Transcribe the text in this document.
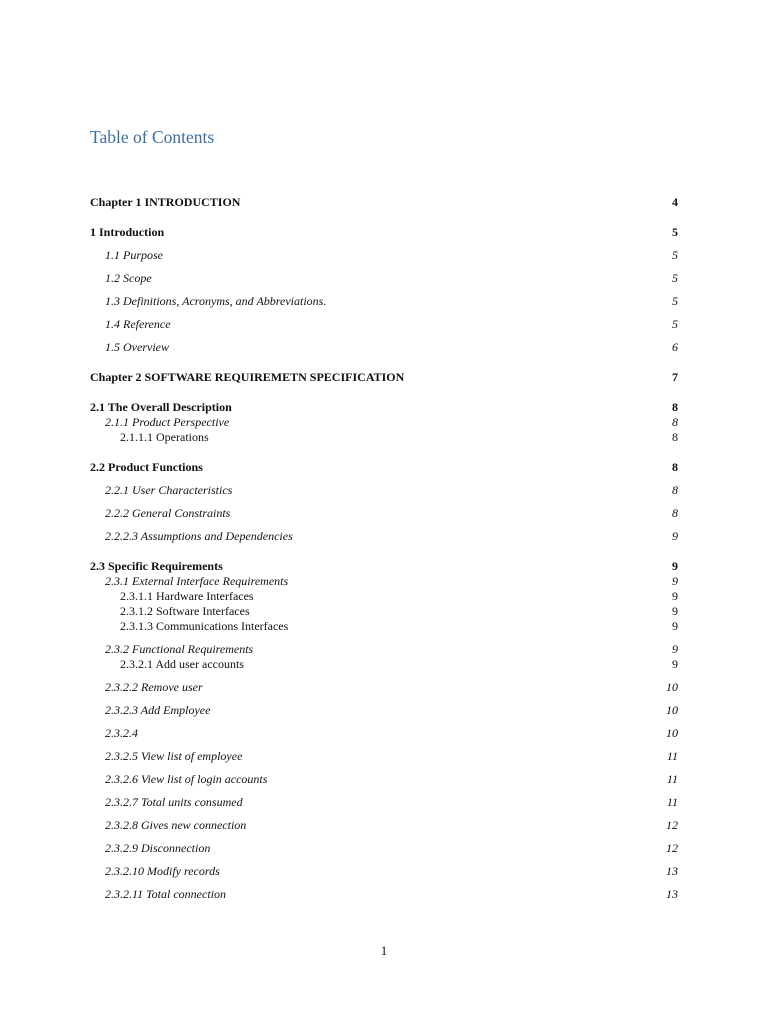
Table of Contents
Chapter 1 INTRODUCTION	4
1 Introduction	5
1.1 Purpose	5
1.2 Scope	5
1.3 Definitions, Acronyms, and Abbreviations.	5
1.4 Reference	5
1.5 Overview	6
Chapter 2 SOFTWARE REQUIREMETN SPECIFICATION	7
2.1 The Overall Description	8
2.1.1 Product Perspective	8
2.1.1.1 Operations	8
2.2 Product Functions	8
2.2.1 User Characteristics	8
2.2.2 General Constraints	8
2.2.2.3 Assumptions and Dependencies	9
2.3 Specific Requirements	9
2.3.1 External Interface Requirements	9
2.3.1.1 Hardware Interfaces	9
2.3.1.2 Software Interfaces	9
2.3.1.3 Communications Interfaces	9
2.3.2 Functional Requirements	9
2.3.2.1 Add user accounts	9
2.3.2.2 Remove user	10
2.3.2.3 Add Employee	10
2.3.2.4	10
2.3.2.5 View list of employee	11
2.3.2.6 View list of login accounts	11
2.3.2.7 Total units consumed	11
2.3.2.8 Gives new connection	12
2.3.2.9 Disconnection	12
2.3.2.10 Modify records	13
2.3.2.11 Total connection	13
1
